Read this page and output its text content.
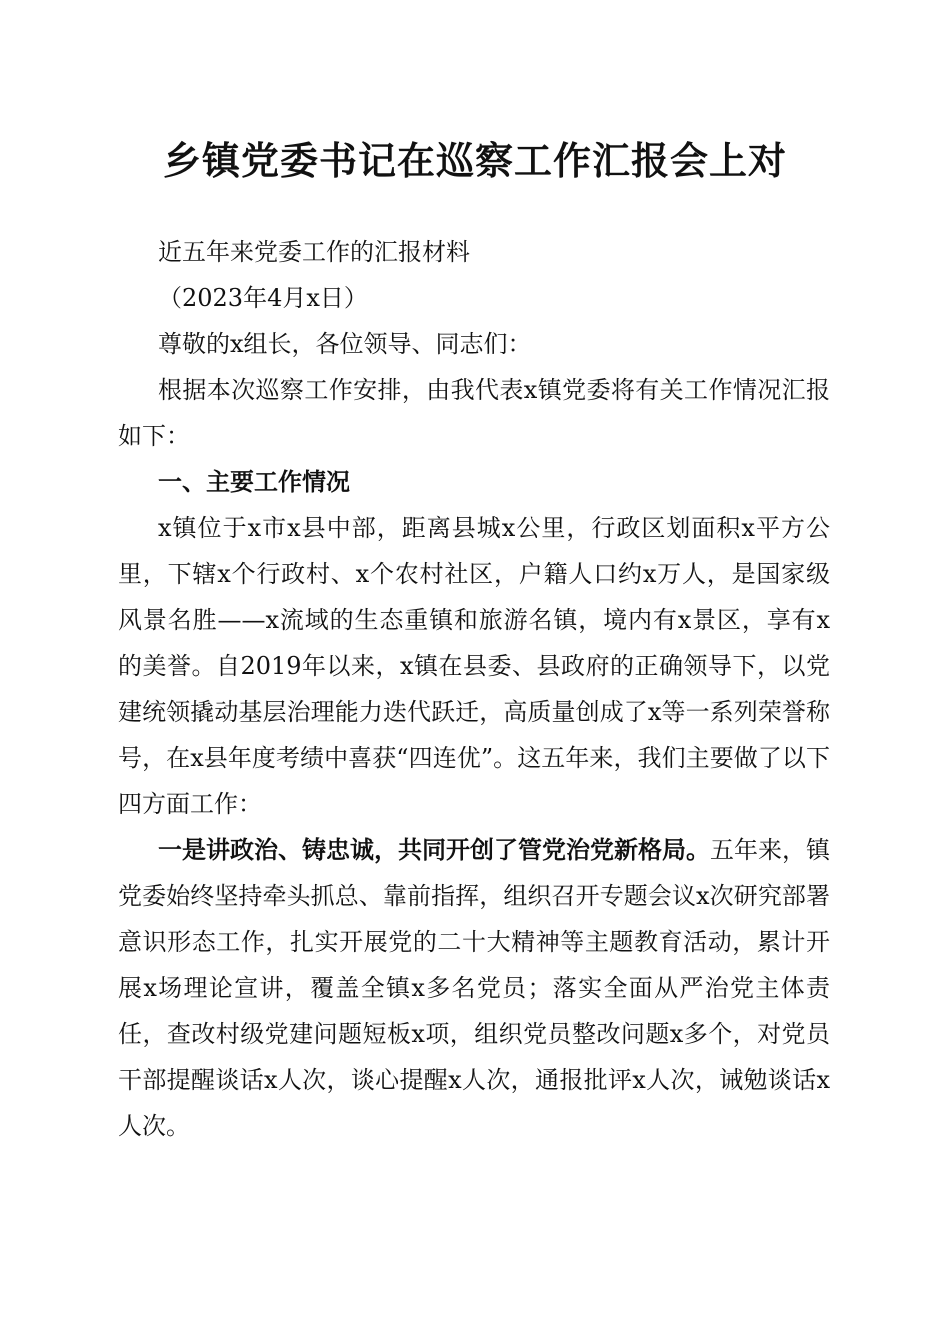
乡镇党委书记在巡察工作汇报会上对

近五年来党委工作的汇报材料

（2023年4月x日）

尊敬的x组长，各位领导、同志们：

根据本次巡察工作安排，由我代表x镇党委将有关工作情况汇报如下：

一、主要工作情况

x镇位于x市x县中部，距离县城x公里，行政区划面积x平方公里，下辖x个行政村、x个农村社区，户籍人口约x万人，是国家级风景名胜——x流域的生态重镇和旅游名镇，境内有x景区，享有x的美誉。自2019年以来，x镇在县委、县政府的正确领导下，以党建统领撬动基层治理能力迭代跃迁，高质量创成了x等一系列荣誉称号，在x县年度考绩中喜获“四连优”。这五年来，我们主要做了以下四方面工作：

一是讲政治、铸忠诚，共同开创了管党治党新格局。五年来，镇党委始终坚持牵头抓总、靠前指挥，组织召开专题会议x次研究部署意识形态工作，扎实开展党的二十大精神等主题教育活动，累计开展x场理论宣讲，覆盖全镇x多名党员；落实全面从严治党主体责任，查改村级党建问题短板x项，组织党员整改问题x多个，对党员干部提醒谈话x人次，谈心提醒x人次，通报批评x人次，诫勉谈话x人次。
